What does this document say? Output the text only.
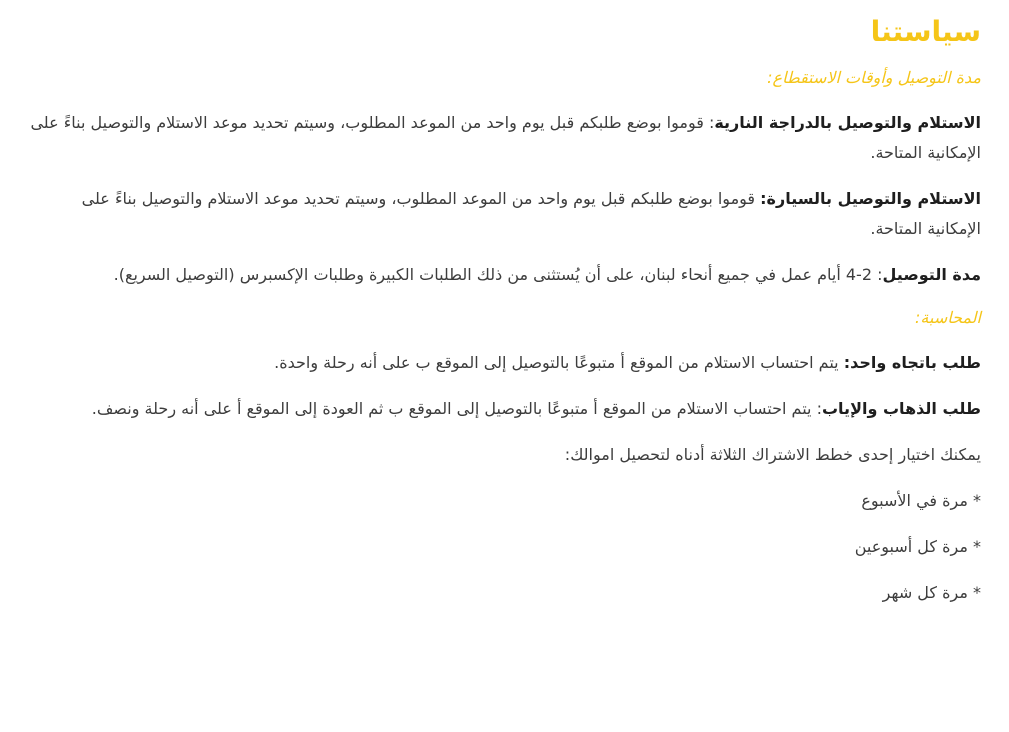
سياستنا

مدة التوصيل وأوقات الاستقطاع:

الاستلام والتوصيل بالدراجة النارية: قوموا بوضع طلبكم قبل يوم واحد من الموعد المطلوب، وسيتم تحديد موعد الاستلام والتوصيل بناءً على الإمكانية المتاحة.

الاستلام والتوصيل بالسيارة: قوموا بوضع طلبكم قبل يوم واحد من الموعد المطلوب، وسيتم تحديد موعد الاستلام والتوصيل بناءً على الإمكانية المتاحة.

مدة التوصيل: 2-4 أيام عمل في جميع أنحاء لبنان، على أن يُستثنى من ذلك الطلبات الكبيرة وطلبات الإكسبرس (التوصيل السريع).

المحاسبة:

طلب باتجاه واحد: يتم احتساب الاستلام من الموقع أ متبوعًا بالتوصيل إلى الموقع ب على أنه رحلة واحدة.

طلب الذهاب والإياب: يتم احتساب الاستلام من الموقع أ متبوعًا بالتوصيل إلى الموقع ب ثم العودة إلى الموقع أ على أنه رحلة ونصف.

يمكنك اختيار إحدى خطط الاشتراك الثلاثة أدناه لتحصيل اموالك:

* مرة في الأسبوع

* مرة كل أسبوعين

* مرة كل شهر
